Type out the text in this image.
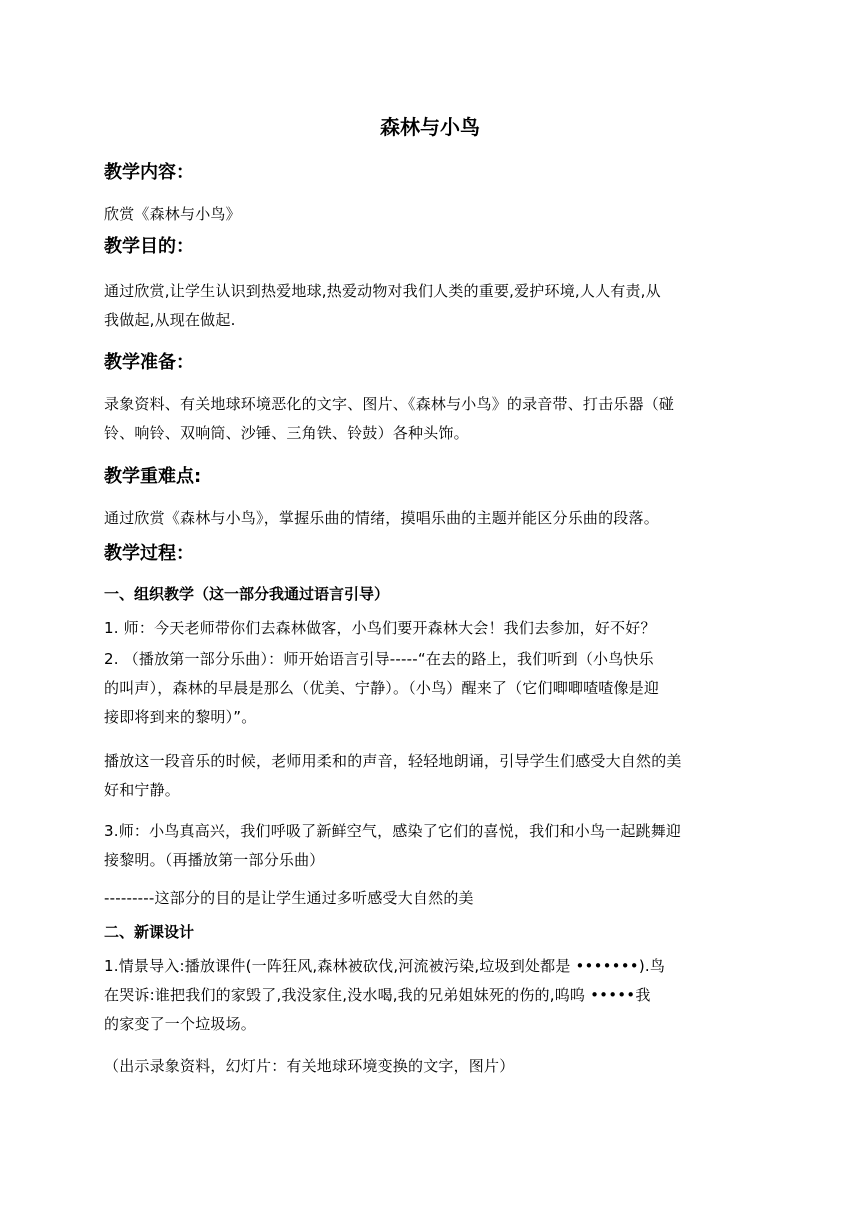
森林与小鸟
教学内容：
欣赏《森林与小鸟》
教学目的：
通过欣赏,让学生认识到热爱地球,热爱动物对我们人类的重要,爱护环境,人人有责,从
我做起,从现在做起.
教学准备：
录象资料、有关地球环境恶化的文字、图片、《森林与小鸟》的录音带、打击乐器（碰
铃、响铃、双响筒、沙锤、三角铁、铃鼓）各种头饰。
教学重难点:
通过欣赏《森林与小鸟》，掌握乐曲的情绪，摸唱乐曲的主题并能区分乐曲的段落。
教学过程：
一、组织教学（这一部分我通过语言引导）
1. 师：今天老师带你们去森林做客，小鸟们要开森林大会！我们去参加，好不好？
2. （播放第一部分乐曲）：师开始语言引导-----“在去的路上，我们听到（小鸟快乐
的叫声），森林的早晨是那么（优美、宁静）。（小鸟）醒来了（它们唧唧喳喳像是迎
接即将到来的黎明）”。
播放这一段音乐的时候，老师用柔和的声音，轻轻地朗诵，引导学生们感受大自然的美
好和宁静。
3.师：小鸟真高兴，我们呼吸了新鲜空气，感染了它们的喜悦，我们和小鸟一起跳舞迎
接黎明。（再播放第一部分乐曲）
---------这部分的目的是让学生通过多听感受大自然的美
二、新课设计
1.情景导入:播放课件(一阵狂风,森林被砍伐,河流被污染,垃圾到处都是 •••••••).鸟
在哭诉:谁把我们的家毁了,我没家住,没水喝,我的兄弟姐妹死的伤的,呜呜 •••••我
的家变了一个垃圾场。
（出示录象资料，幻灯片：有关地球环境变换的文字，图片）
